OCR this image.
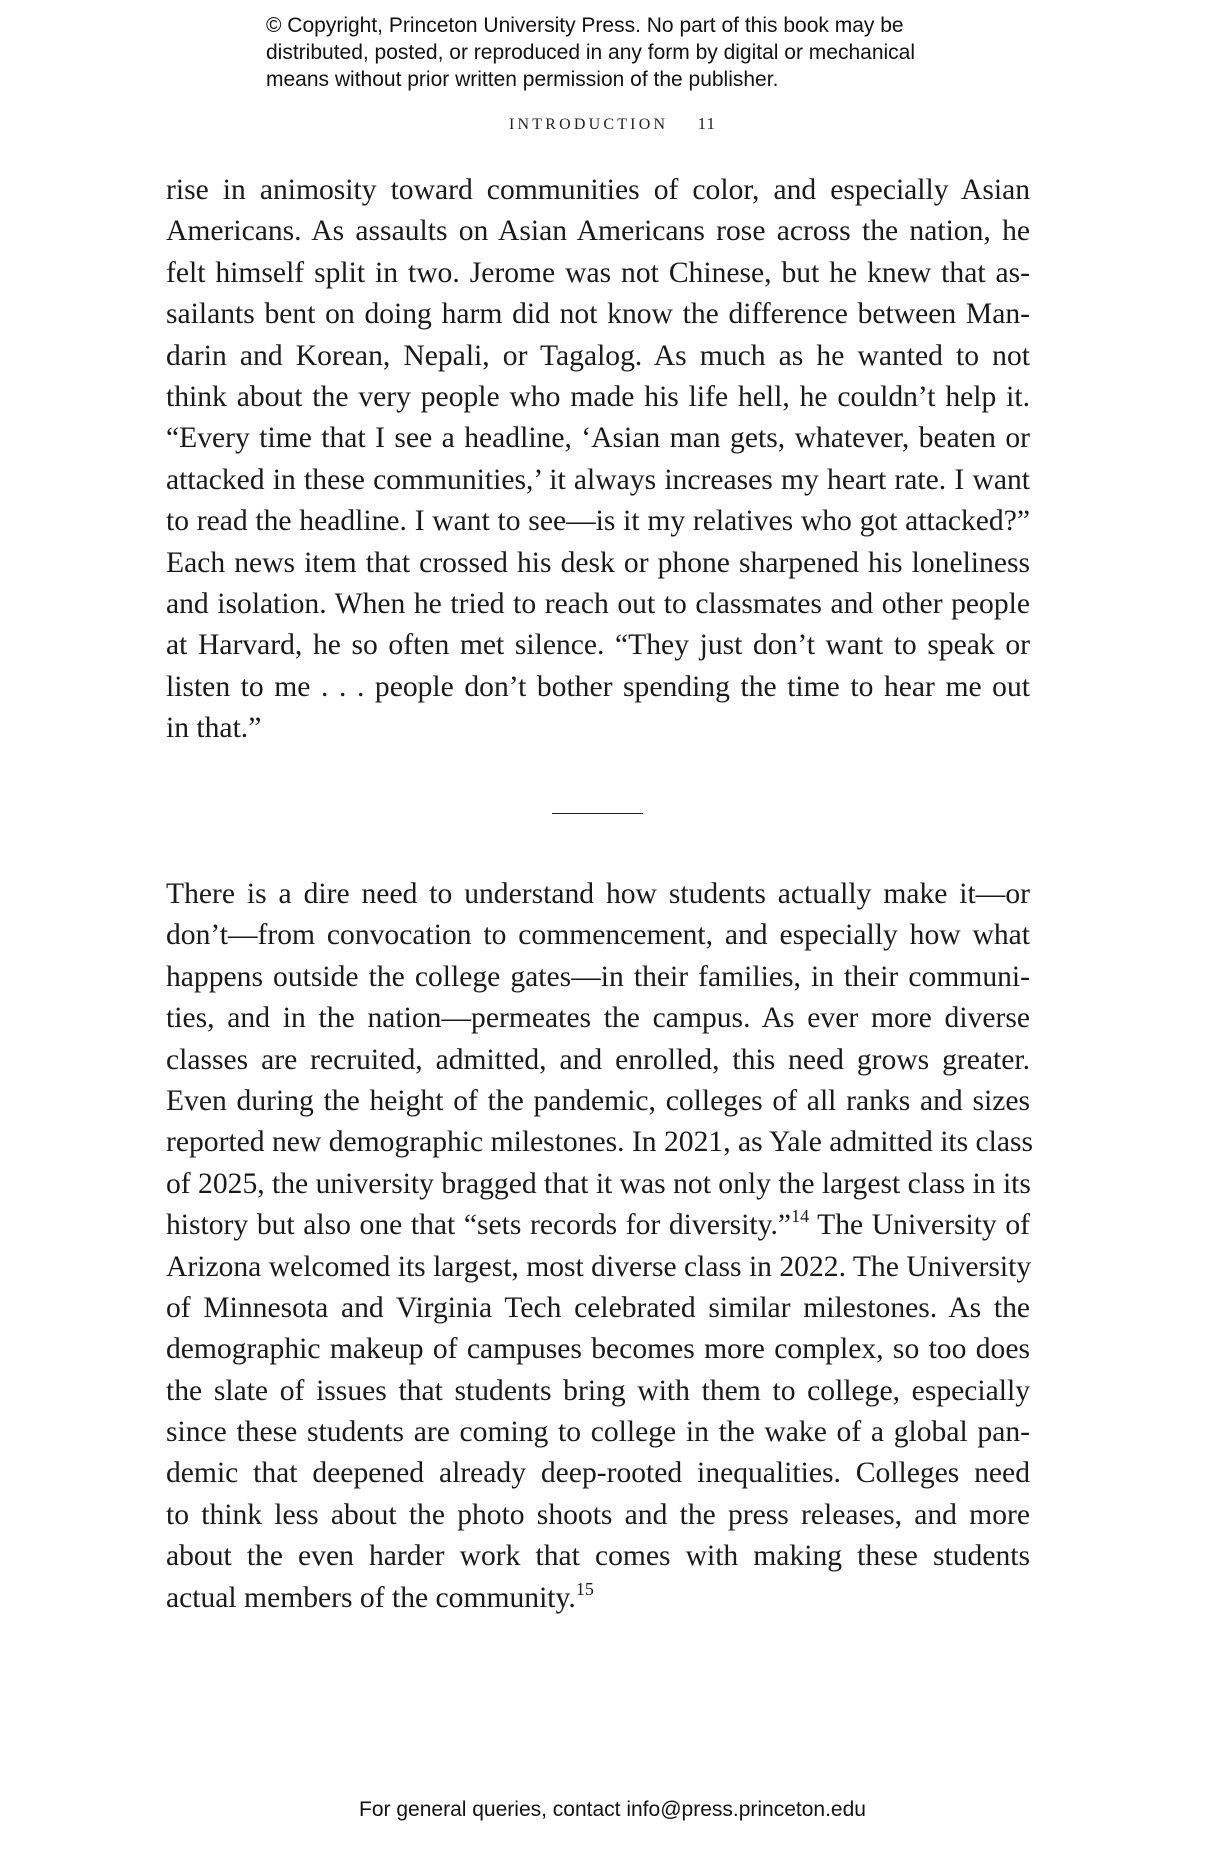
© Copyright, Princeton University Press. No part of this book may be
distributed, posted, or reproduced in any form by digital or mechanical
means without prior written permission of the publisher.
INTRODUCTION 11
rise in animosity toward communities of color, and especially Asian
Americans. As assaults on Asian Americans rose across the nation, he
felt himself split in two. Jerome was not Chinese, but he knew that as-
sailants bent on doing harm did not know the difference between Man-
darin and Korean, Nepali, or Tagalog. As much as he wanted to not
think about the very people who made his life hell, he couldn’t help it.
“Every time that I see a headline, ‘Asian man gets, whatever, beaten or
attacked in these communities,’ it always increases my heart rate. I want
to read the headline. I want to see—is it my relatives who got attacked?”
Each news item that crossed his desk or phone sharpened his loneliness
and isolation. When he tried to reach out to classmates and other people
at Harvard, he so often met silence. “They just don’t want to speak or
listen to me . . . people don’t bother spending the time to hear me out
in that.”
There is a dire need to understand how students actually make it—or
don’t—from convocation to commencement, and especially how what
happens outside the college gates—in their families, in their communi-
ties, and in the nation—permeates the campus. As ever more diverse
classes are recruited, admitted, and enrolled, this need grows greater.
Even during the height of the pandemic, colleges of all ranks and sizes
reported new demographic milestones. In 2021, as Yale admitted its class
of 2025, the university bragged that it was not only the largest class in its
history but also one that “sets records for diversity.”$^{14}$ The University of
Arizona welcomed its largest, most diverse class in 2022. The University
of Minnesota and Virginia Tech celebrated similar milestones. As the
demographic makeup of campuses becomes more complex, so too does
the slate of issues that students bring with them to college, especially
since these students are coming to college in the wake of a global pan-
demic that deepened already deep-rooted inequalities. Colleges need
to think less about the photo shoots and the press releases, and more
about the even harder work that comes with making these students
actual members of the community.$^{15}$
For general queries, contact info@press.princeton.edu
